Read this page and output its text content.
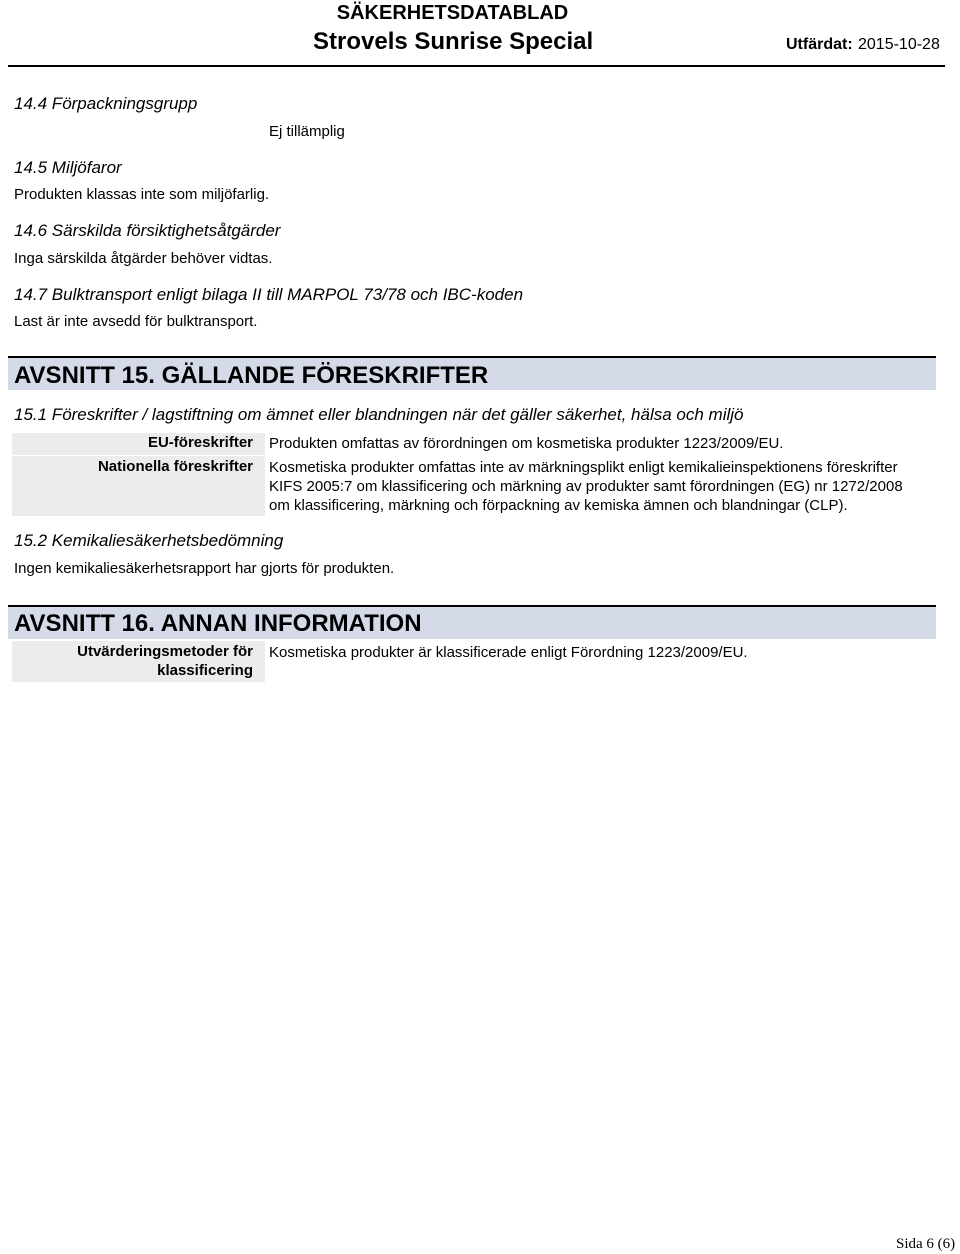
SÄKERHETSDATABLAD
Strovels Sunrise Special	Utfärdat: 2015-10-28
14.4 Förpackningsgrupp
Ej tillämplig
14.5 Miljöfaror
Produkten klassas inte som miljöfarlig.
14.6 Särskilda försiktighetsåtgärder
Inga särskilda åtgärder behöver vidtas.
14.7 Bulktransport enligt bilaga II till MARPOL 73/78 och IBC-koden
Last är inte avsedd för bulktransport.
AVSNITT 15. GÄLLANDE FÖRESKRIFTER
15.1 Föreskrifter / lagstiftning om ämnet eller blandningen när det gäller säkerhet, hälsa och miljö
EU-föreskrifter Produkten omfattas av förordningen om kosmetiska produkter 1223/2009/EU.
Nationella föreskrifter Kosmetiska produkter omfattas inte av märkningsplikt enligt kemikalieinspektionens föreskrifter
KIFS 2005:7 om klassificering och märkning av produkter samt förordningen (EG) nr 1272/2008
om klassificering, märkning och förpackning av kemiska ämnen och blandningar (CLP).
15.2 Kemikaliesäkerhetsbedömning
Ingen kemikaliesäkerhetsrapport har gjorts för produkten.
AVSNITT 16. ANNAN INFORMATION
Utvärderingsmetoder för
klassificering
Kosmetiska produkter är klassificerade enligt Förordning 1223/2009/EU.
Sida 6 (6)
